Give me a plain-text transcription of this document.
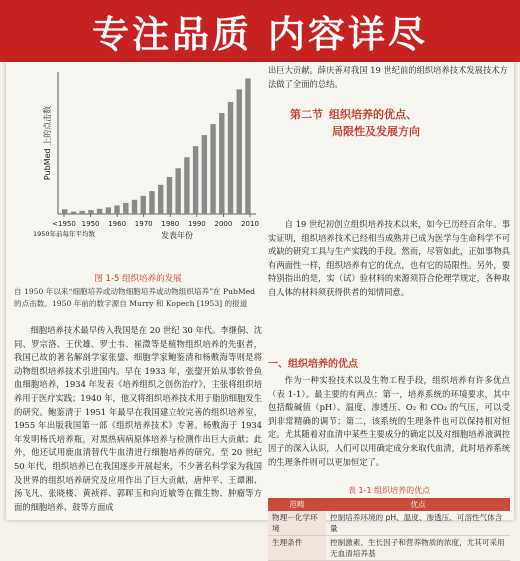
专注品质 内容详尽
<1950 1950 1960 1970 1980 1990 2000 2010
1950年前每年平均数	发表年份
PubMed 上的点击数
图 1-5 组织培养的发展
自 1950 年以来“细胞培养或动物细胞培养或动物组织培养”在 PubMed 的点击数。1950 年前的数字源自 Murry 和 Kopech [1953] 的报道
细胞培养技术最早传入我国是在 20 世纪 30 年代。李继侗、沈同、罗宗洛、王伏雄、罗士韦、崔澂等是植物组织培养的先驱者，我国已故的著名解剖学家张鋆、细胞学家鲍鉴清和杨敷海等则是将动物组织培养技术引进国内。早在 1933 年，张鋆开始从事软骨鱼血细胞培养，1934 年发表《培养组织之创伤治疗》，主张将组织培养用于医疗实践；1940 年，他又将组织培养技术用于脂肪细胞发生的研究。鲍鉴清于 1951 年最早在我国建立较完善的组织培养室，1955 年出版我国第一部《组织培养技术》专著。杨敷海于 1934 年发明杨氏培养瓶，对黑热病病原体培养与检测作出巨大贡献；此外，他还试用鹿血清替代牛血清进行细胞培养的研究。至 20 世纪 50 年代，组织培养已在我国逐步开展起来，不少著名科学家为我国及世界的组织培养研究及应用作出了巨大贡献，唐仲平、王谭湘、汤飞凡、张晓楼、黄祯祥、郭晖玉和向近敏等在微生物、肿瘤等方面的细胞培养、鼓等方面成
出巨大贡献。薛庆善对我国 19 世纪前的组织培养技术发展技术方法做了全面的总结。
第二节 组织培养的优点、
局限性及发展方向
自 19 世纪初创立组织培养技术以来，如今已历经百余年。事实证明，组织培养技术已经相当成熟并已成为医学与生命科学不可或缺的研究工具与生产实践的手段。然而，尽管如此，正如事物具有两面性一样，组织培养有它的优点，也有它的局限性。另外，要特别指出的是，实（试）验材料的来源须符合伦理学规定，各种取自人体的材料须获得供者的知情同意。
一、组织培养的优点
作为一种实验技术以及生物工程手段，组织培养有许多优点（表 1-1）。最主要的有两点：第一，培养系统的环境要求，其中包括酸碱值（pH）、温度、渗透压、O₂ 和 CO₂ 的气压，可以受到非常精确的调节；第二，该系统的生理条件也可以保持相对恒定。尤其随着对血清中某些主要成分的确定以及对细胞培养液调控因子的深入认识，人们可以用确定成分来取代血清，此时培养系统的生理条件则可以更加恒定了。
表 1-1 组织培养的优点
范畴	优点
物理－化学环境	控制培养环境的 pH、温度、渗透压、可溶性气体含量
生理条件	控制激素、生长因子和营养物质的浓度，尤其可采用无血清培养基
